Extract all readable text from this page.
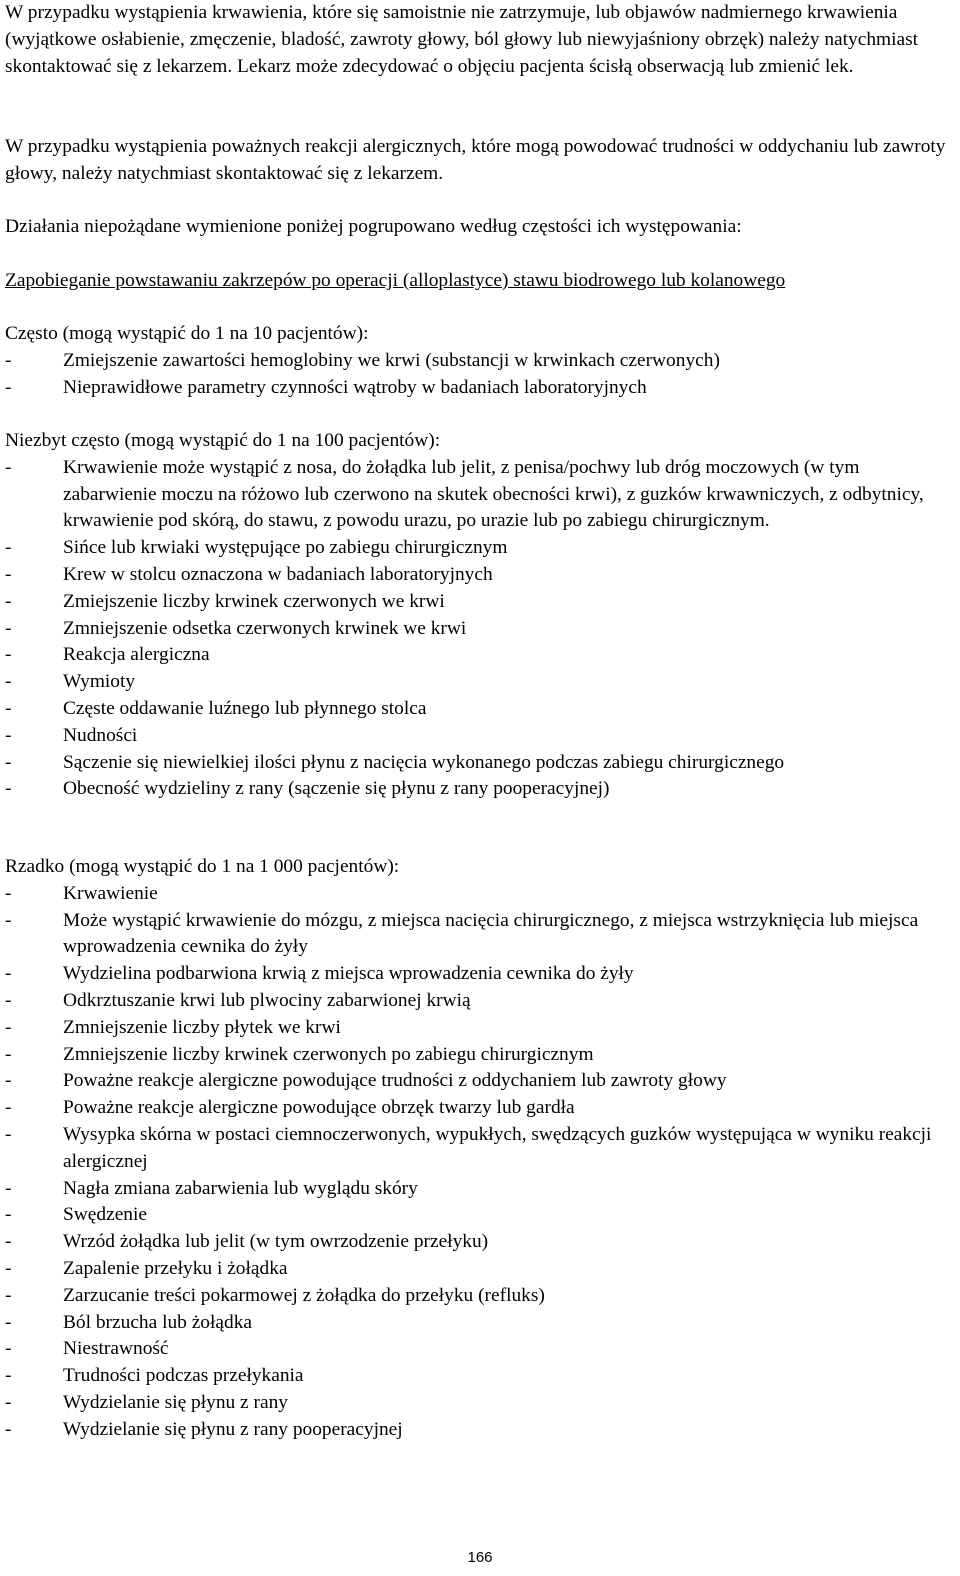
W przypadku wystąpienia krwawienia, które się samoistnie nie zatrzymuje, lub objawów nadmiernego krwawienia (wyjątkowe osłabienie, zmęczenie, bladość, zawroty głowy, ból głowy lub niewyjaśniony obrzęk) należy natychmiast skontaktować się z lekarzem. Lekarz może zdecydować o objęciu pacjenta ścisłą obserwacją lub zmienić lek.

W przypadku wystąpienia poważnych reakcji alergicznych, które mogą powodować trudności w oddychaniu lub zawroty głowy, należy natychmiast skontaktować się z lekarzem.

Działania niepożądane wymienione poniżej pogrupowano według częstości ich występowania:

Zapobieganie powstawaniu zakrzepów po operacji (alloplastyce) stawu biodrowego lub kolanowego

Często (mogą wystąpić do 1 na 10 pacjentów):

-	Zmiejszenie zawartości hemoglobiny we krwi (substancji w krwinkach czerwonych)
-	Nieprawidłowe parametry czynności wątroby w badaniach laboratoryjnych

Niezbyt często (mogą wystąpić do 1 na 100 pacjentów):

-	Krwawienie może wystąpić z nosa, do żołądka lub jelit, z penisa/pochwy lub dróg moczowych (w tym zabarwienie moczu na różowo lub czerwono na skutek obecności krwi), z guzków krwawniczych, z odbytnicy, krwawienie pod skórą, do stawu, z powodu urazu, po urazie lub po zabiegu chirurgicznym.
-	Sińce lub krwiaki występujące po zabiegu chirurgicznym
-	Krew w stolcu oznaczona w badaniach laboratoryjnych
-	Zmiejszenie liczby krwinek czerwonych we krwi
-	Zmniejszenie odsetka czerwonych krwinek we krwi
-	Reakcja alergiczna
-	Wymioty
-	Częste oddawanie luźnego lub płynnego stolca
-	Nudności
-	Sączenie się niewielkiej ilości płynu z nacięcia wykonanego podczas zabiegu chirurgicznego
-	Obecność wydzieliny z rany (sączenie się płynu z rany pooperacyjnej)

Rzadko (mogą wystąpić do 1 na 1 000 pacjentów):

-	Krwawienie
-	Może wystąpić krwawienie do mózgu, z miejsca nacięcia chirurgicznego, z miejsca wstrzyknięcia lub miejsca wprowadzenia cewnika do żyły
-	Wydzielina podbarwiona krwią z miejsca wprowadzenia cewnika do żyły
-	Odkrztuszanie krwi lub plwociny zabarwionej krwią
-	Zmniejszenie liczby płytek we krwi
-	Zmniejszenie liczby krwinek czerwonych po zabiegu chirurgicznym
-	Poważne reakcje alergiczne powodujące trudności z oddychaniem lub zawroty głowy
-	Poważne reakcje alergiczne powodujące obrzęk twarzy lub gardła
-	Wysypka skórna w postaci ciemnoczerwonych, wypukłych, swędzących guzków występująca w wyniku reakcji alergicznej
-	Nagła zmiana zabarwienia lub wyglądu skóry
-	Swędzenie
-	Wrzód żołądka lub jelit (w tym owrzodzenie przełyku)
-	Zapalenie przełyku i żołądka
-	Zarzucanie treści pokarmowej z żołądka do przełyku (refluks)
-	Ból brzucha lub żołądka
-	Niestrawność
-	Trudności podczas przełykania
-	Wydzielanie się płynu z rany
-	Wydzielanie się płynu z rany pooperacyjnej
166
